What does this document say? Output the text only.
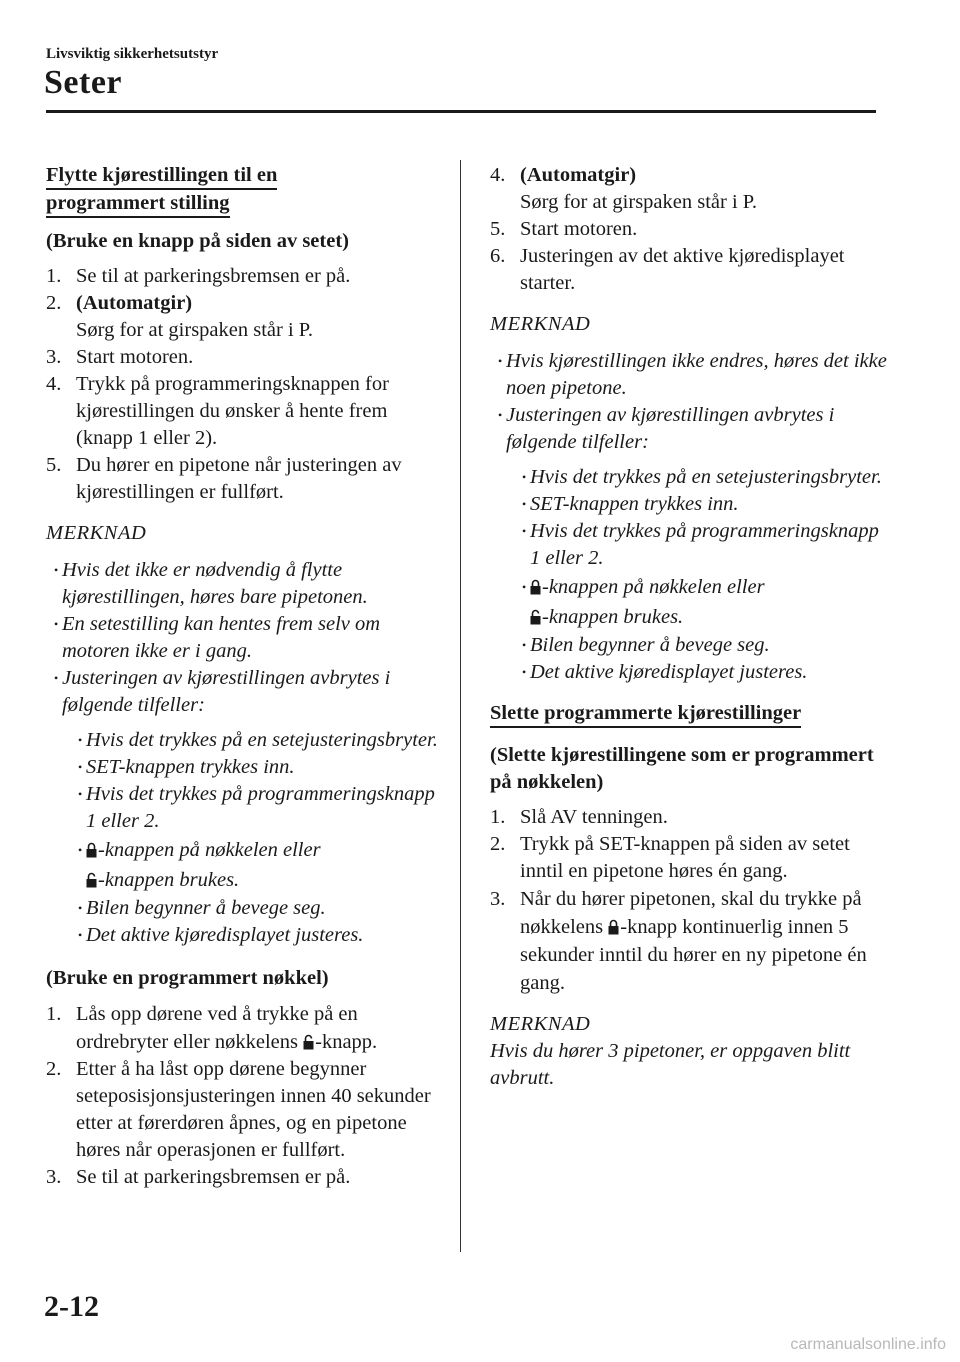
Livsviktig sikkerhetsutstyr
Seter
Flytte kjørestillingen til en
programmert stilling
(Bruke en knapp på siden av setet)
1. Se til at parkeringsbremsen er på.
2. (Automatgir)
Sørg for at girspaken står i P.
3. Start motoren.
4. Trykk på programmeringsknappen for kjørestillingen du ønsker å hente frem (knapp 1 eller 2).
5. Du hører en pipetone når justeringen av kjørestillingen er fullført.
MERKNAD
• Hvis det ikke er nødvendig å flytte kjørestillingen, høres bare pipetonen.
• En setestilling kan hentes frem selv om motoren ikke er i gang.
• Justeringen av kjørestillingen avbrytes i følgende tilfeller:
• Hvis det trykkes på en setejusteringsbryter.
• SET-knappen trykkes inn.
• Hvis det trykkes på programmeringsknapp 1 eller 2.
• -knappen på nøkkelen eller
-knappen brukes.
• Bilen begynner å bevege seg.
• Det aktive kjøredisplayet justeres.
(Bruke en programmert nøkkel)
1. Lås opp dørene ved å trykke på en ordrebryter eller nøkkelens -knapp.
2. Etter å ha låst opp dørene begynner seteposisjonsjusteringen innen 40 sekunder etter at førerdøren åpnes, og en pipetone høres når operasjonen er fullført.
3. Se til at parkeringsbremsen er på.
4. (Automatgir)
Sørg for at girspaken står i P.
5. Start motoren.
6. Justeringen av det aktive kjøredisplayet starter.
MERKNAD
• Hvis kjørestillingen ikke endres, høres det ikke noen pipetone.
• Justeringen av kjørestillingen avbrytes i følgende tilfeller:
• Hvis det trykkes på en setejusteringsbryter.
• SET-knappen trykkes inn.
• Hvis det trykkes på programmeringsknapp 1 eller 2.
• -knappen på nøkkelen eller
-knappen brukes.
• Bilen begynner å bevege seg.
• Det aktive kjøredisplayet justeres.
Slette programmerte kjørestillinger
(Slette kjørestillingene som er programmert på nøkkelen)
1. Slå AV tenningen.
2. Trykk på SET-knappen på siden av setet inntil en pipetone høres én gang.
3. Når du hører pipetonen, skal du trykke på nøkkelens -knapp kontinuerlig innen 5 sekunder inntil du hører en ny pipetone én gang.
MERKNAD
Hvis du hører 3 pipetoner, er oppgaven blitt avbrutt.
2-12
carmanualsonline.info
